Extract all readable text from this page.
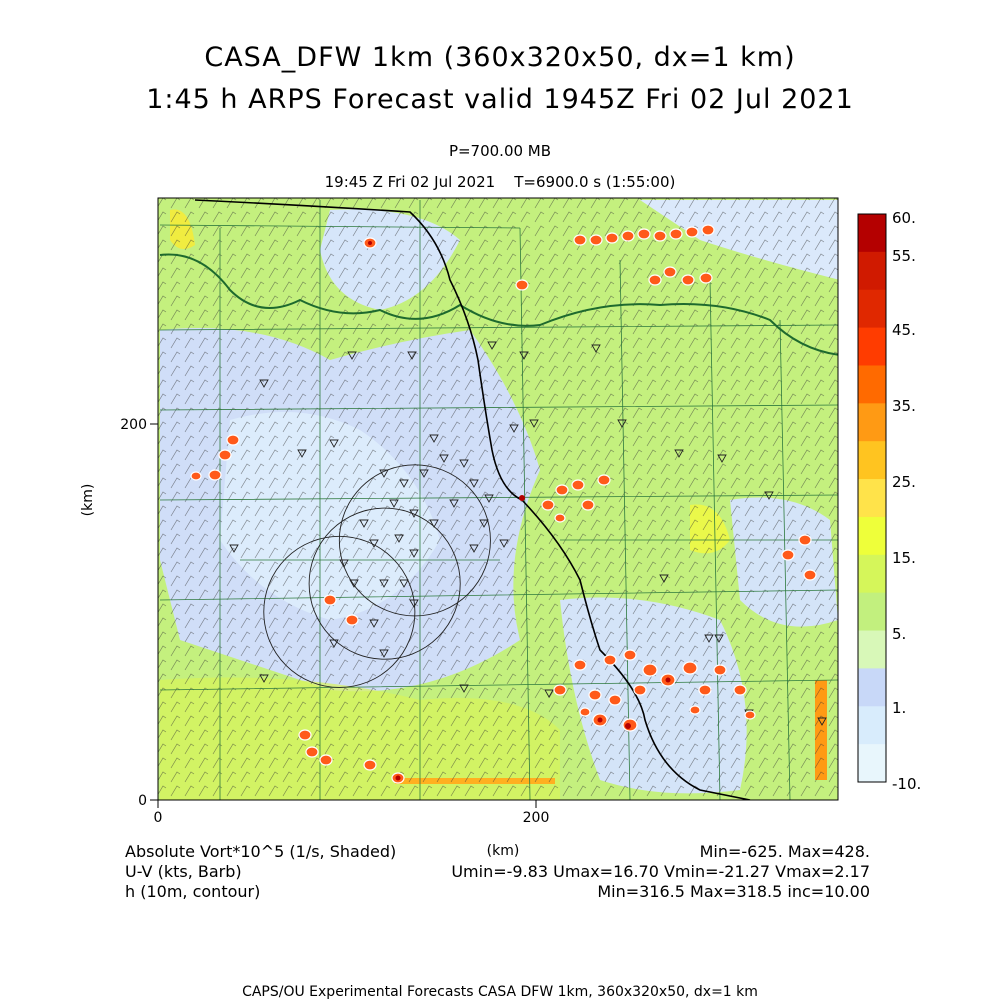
CASA_DFW 1km (360x320x50, dx=1 km)
1:45 h ARPS Forecast valid 1945Z Fri 02 Jul 2021
P=700.00 MB
19:45 Z Fri 02 Jul 2021 T=6900.0 s (1:55:00)
0	200
0
200
(km)
(km)
60.
55.
45.
35.
25.
15.
5.
1.
-10.
Absolute Vort*10^5 (1/s, Shaded)
U-V (kts, Barb)
h (10m, contour)
Min=-625. Max=428.
Umin=-9.83 Umax=16.70 Vmin=-21.27 Vmax=2.17
Min=316.5 Max=318.5 inc=10.00
CAPS/OU Experimental Forecasts CASA DFW 1km, 360x320x50, dx=1 km
